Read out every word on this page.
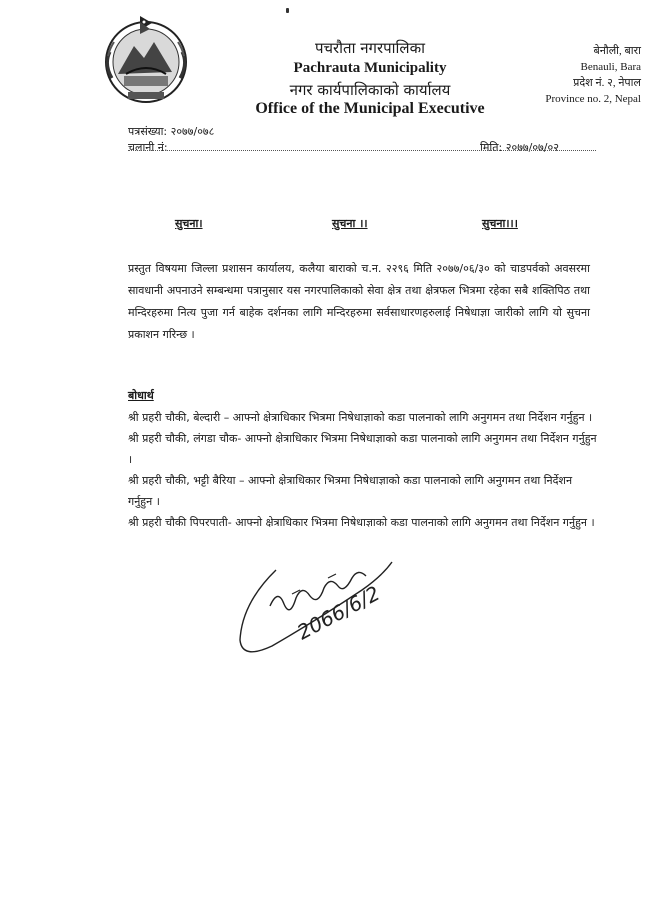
पचरौता नगरपालिका
Pachrauta Municipality
नगर कार्यपालिकाको कार्यालय
Office of the Municipal Executive
बेनौली, बारा
Benauli, Bara
प्रदेश नं. २, नेपाल
Province no. 2, Nepal
पत्रसंख्या: २०७७/०७८
चलानी नं:	मिति: २०७७/०७/०२
सुचना।	सुचना ।।	सुचना।।।
प्रस्तुत विषयमा जिल्ला प्रशासन कार्यालय, कलैया बाराको च.न. २२९६ मिति २०७७/०६/३० को चाडपर्वको अवसरमा सावधानी अपनाउने सम्बन्धमा पत्रानुसार यस नगरपालिकाको सेवा क्षेत्र तथा क्षेत्रफल भित्रमा रहेका सबै शक्तिपिठ तथा मन्दिरहरुमा नित्य पुजा गर्न बाहेक दर्शनका लागि मन्दिरहरुमा सर्वसाधारणहरुलाई निषेधाज्ञा जारीको लागि यो सुचना प्रकाशन गरिन्छ ।
बोधार्थ

श्री प्रहरी चौकी, बेल्दारी – आफ्नो क्षेत्राधिकार भित्रमा निषेधाज्ञाको कडा पालनाको लागि अनुगमन तथा निर्देशन गर्नुहुन ।

श्री प्रहरी चौकी, लंगडा चौक- आफ्नो क्षेत्राधिकार भित्रमा निषेधाज्ञाको कडा पालनाको लागि अनुगमन तथा निर्देशन गर्नुहुन ।

श्री प्रहरी चौकी, भट्टी बैरिया – आफ्नो क्षेत्राधिकार भित्रमा निषेधाज्ञाको कडा पालनाको लागि अनुगमन तथा निर्देशन गर्नुहुन ।

श्री प्रहरी चौकी पिपरपाती- आफ्नो क्षेत्राधिकार भित्रमा निषेधाज्ञाको कडा पालनाको लागि अनुगमन तथा निर्देशन गर्नुहुन ।

2066/6/2
